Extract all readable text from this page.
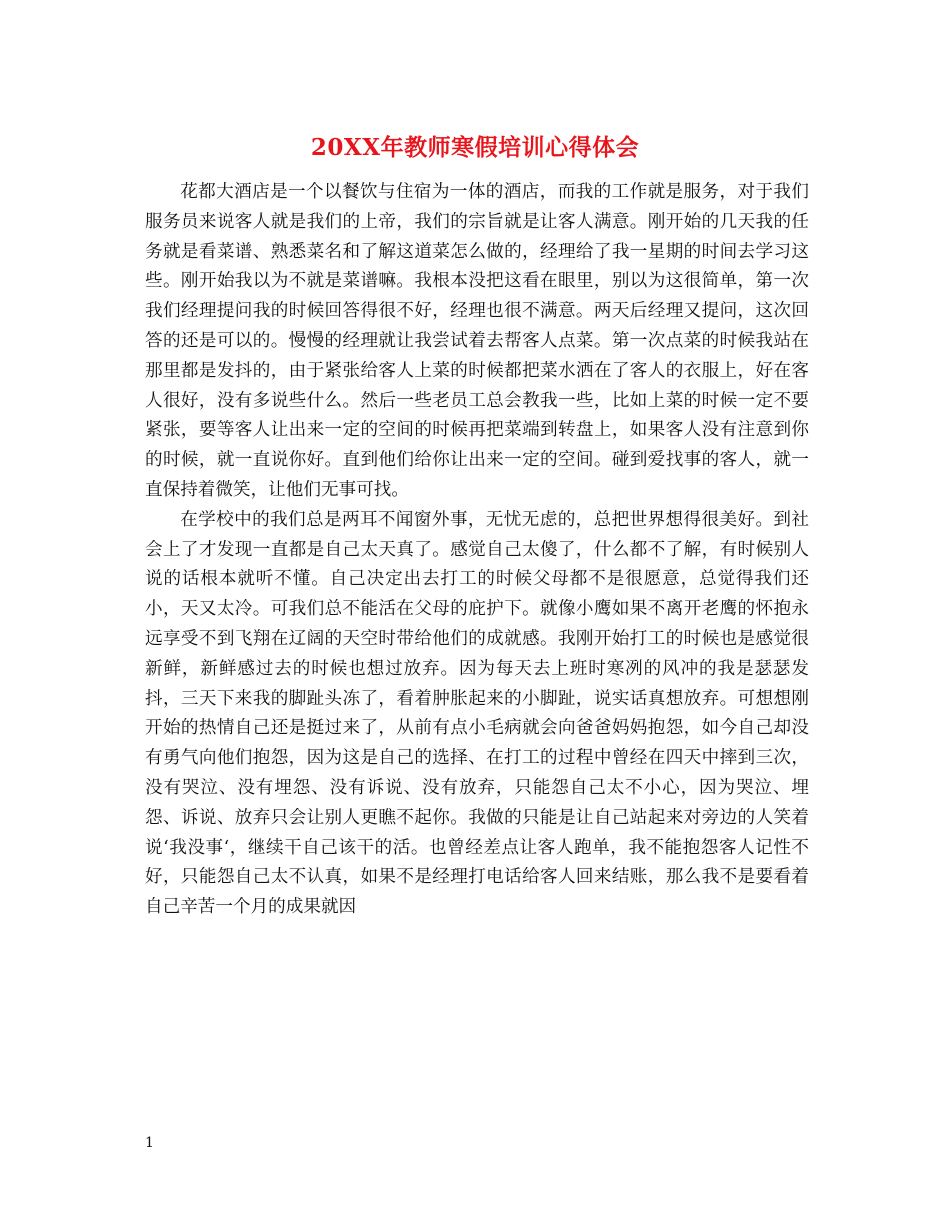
20XX年教师寒假培训心得体会

花都大酒店是一个以餐饮与住宿为一体的酒店，而我的工作就是服务，对于我们服务员来说客人就是我们的上帝，我们的宗旨就是让客人满意。刚开始的几天我的任务就是看菜谱、熟悉菜名和了解这道菜怎么做的，经理给了我一星期的时间去学习这些。刚开始我以为不就是菜谱嘛。我根本没把这看在眼里，别以为这很简单，第一次我们经理提问我的时候回答得很不好，经理也很不满意。两天后经理又提问，这次回答的还是可以的。慢慢的经理就让我尝试着去帮客人点菜。第一次点菜的时候我站在那里都是发抖的，由于紧张给客人上菜的时候都把菜水洒在了客人的衣服上，好在客人很好，没有多说些什么。然后一些老员工总会教我一些，比如上菜的时候一定不要紧张，要等客人让出来一定的空间的时候再把菜端到转盘上，如果客人没有注意到你的时候，就一直说你好。直到他们给你让出来一定的空间。碰到爱找事的客人，就一直保持着微笑，让他们无事可找。

在学校中的我们总是两耳不闻窗外事，无忧无虑的，总把世界想得很美好。到社会上了才发现一直都是自己太天真了。感觉自己太傻了，什么都不了解，有时候别人说的话根本就听不懂。自己决定出去打工的时候父母都不是很愿意，总觉得我们还小，天又太冷。可我们总不能活在父母的庇护下。就像小鹰如果不离开老鹰的怀抱永远享受不到飞翔在辽阔的天空时带给他们的成就感。我刚开始打工的时候也是感觉很新鲜，新鲜感过去的时候也想过放弃。因为每天去上班时寒冽的风冲的我是瑟瑟发抖，三天下来我的脚趾头冻了，看着肿胀起来的小脚趾，说实话真想放弃。可想想刚开始的热情自己还是挺过来了，从前有点小毛病就会向爸爸妈妈抱怨，如今自己却没有勇气向他们抱怨，因为这是自己的选择、在打工的过程中曾经在四天中摔到三次，没有哭泣、没有埋怨、没有诉说、没有放弃，只能怨自己太不小心，因为哭泣、埋怨、诉说、放弃只会让别人更瞧不起你。我做的只能是让自己站起来对旁边的人笑着说‘我没事‘，继续干自己该干的活。也曾经差点让客人跑单，我不能抱怨客人记性不好，只能怨自己太不认真，如果不是经理打电话给客人回来结账，那么我不是要看着自己辛苦一个月的成果就因

1
